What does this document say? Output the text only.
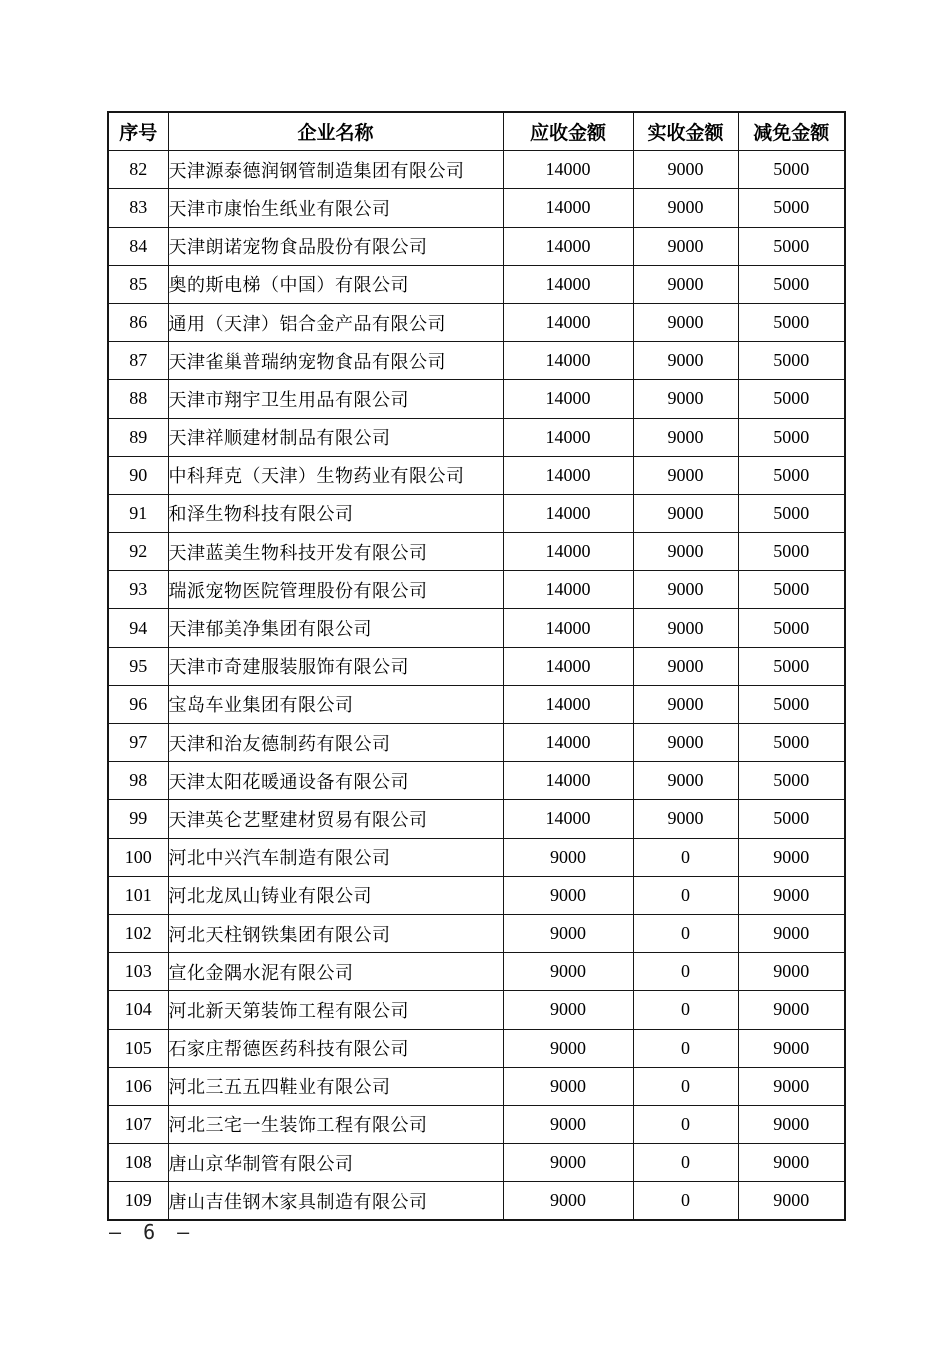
序号	企业名称	应收金额	实收金额	减免金额
82	天津源泰德润钢管制造集团有限公司	14000	9000	5000
83	天津市康怡生纸业有限公司	14000	9000	5000
84	天津朗诺宠物食品股份有限公司	14000	9000	5000
85	奥的斯电梯（中国）有限公司	14000	9000	5000
86	通用（天津）铝合金产品有限公司	14000	9000	5000
87	天津雀巢普瑞纳宠物食品有限公司	14000	9000	5000
88	天津市翔宇卫生用品有限公司	14000	9000	5000
89	天津祥顺建材制品有限公司	14000	9000	5000
90	中科拜克（天津）生物药业有限公司	14000	9000	5000
91	和泽生物科技有限公司	14000	9000	5000
92	天津蓝美生物科技开发有限公司	14000	9000	5000
93	瑞派宠物医院管理股份有限公司	14000	9000	5000
94	天津郁美净集团有限公司	14000	9000	5000
95	天津市奇建服装服饰有限公司	14000	9000	5000
96	宝岛车业集团有限公司	14000	9000	5000
97	天津和治友德制药有限公司	14000	9000	5000
98	天津太阳花暖通设备有限公司	14000	9000	5000
99	天津英仑艺墅建材贸易有限公司	14000	9000	5000
100	河北中兴汽车制造有限公司	9000	0	9000
101	河北龙凤山铸业有限公司	9000	0	9000
102	河北天柱钢铁集团有限公司	9000	0	9000
103	宣化金隅水泥有限公司	9000	0	9000
104	河北新天第装饰工程有限公司	9000	0	9000
105	石家庄帮德医药科技有限公司	9000	0	9000
106	河北三五五四鞋业有限公司	9000	0	9000
107	河北三宅一生装饰工程有限公司	9000	0	9000
108	唐山京华制管有限公司	9000	0	9000
109	唐山吉佳钢木家具制造有限公司	9000	0	9000
– 6 –
